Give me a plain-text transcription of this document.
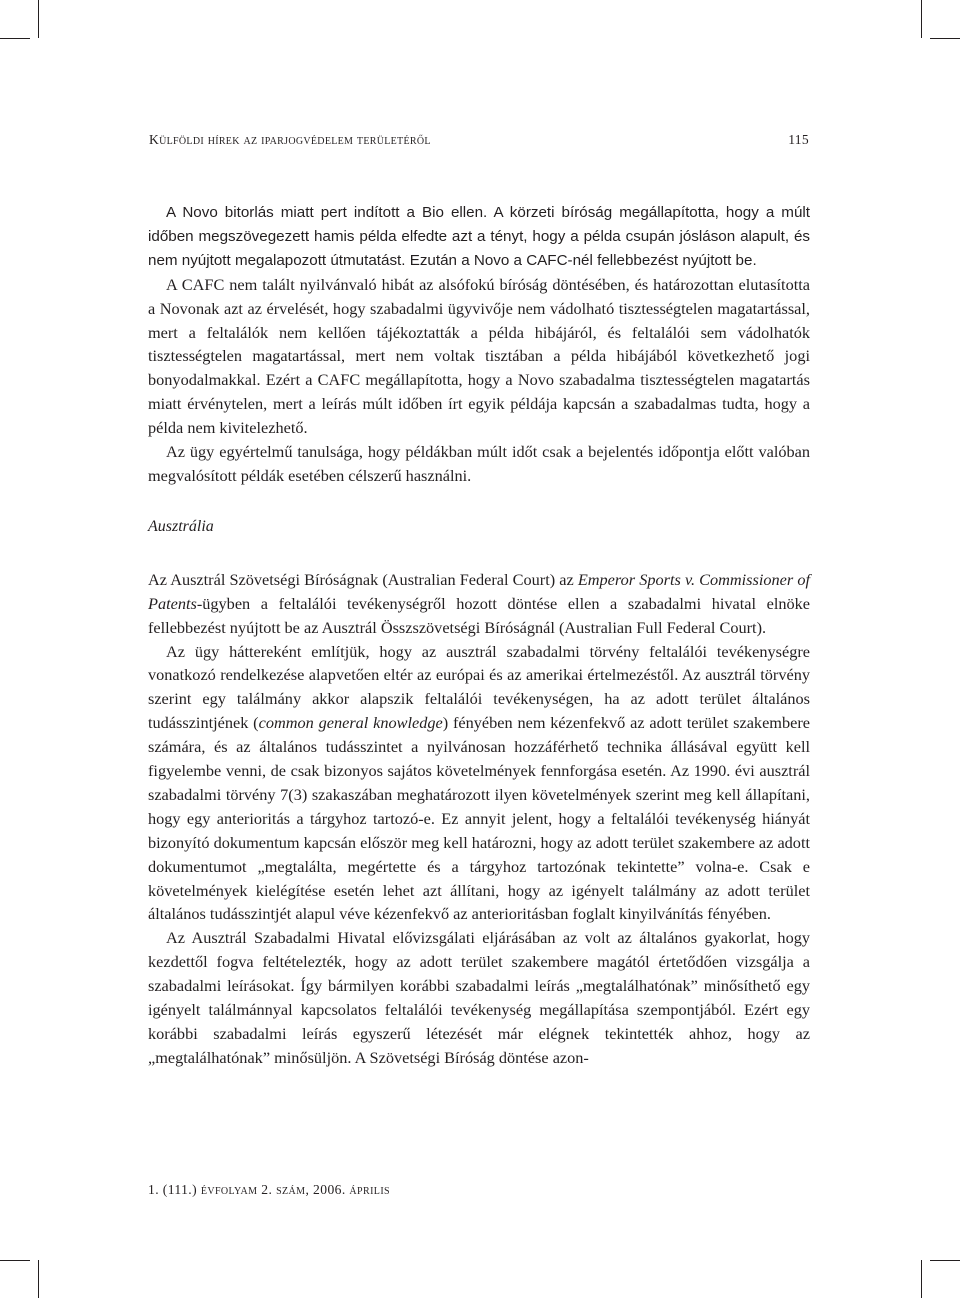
Külföldi hírek az iparjogvédelem területéről	115

A Novo bitorlás miatt pert indított a Bio ellen. A körzeti bíróság megállapította, hogy a múlt időben megszövegezett hamis példa elfedte azt a tényt, hogy a példa csupán jósláson alapult, és nem nyújtott megalapozott útmutatást. Ezután a Novo a CAFC-nél fellebbezést nyújtott be.

A CAFC nem talált nyilvánvaló hibát az alsófokú bíróság döntésében, és határozottan elutasította a Novonak azt az érvelését, hogy szabadalmi ügyvivője nem vádolható tisztességtelen magatartással, mert a feltalálók nem kellően tájékoztatták a példa hibájáról, és feltalálói sem vádolhatók tisztességtelen magatartással, mert nem voltak tisztában a példa hibájából következhető jogi bonyodalmakkal. Ezért a CAFC megállapította, hogy a Novo szabadalma tisztességtelen magatartás miatt érvénytelen, mert a leírás múlt időben írt egyik példája kapcsán a szabadalmas tudta, hogy a példa nem kivitelezhető.

Az ügy egyértelmű tanulsága, hogy példákban múlt időt csak a bejelentés időpontja előtt valóban megvalósított példák esetében célszerű használni.

Ausztrália

Az Ausztrál Szövetségi Bíróságnak (Australian Federal Court) az Emperor Sports v. Commissioner of Patents-ügyben a feltalálói tevékenységről hozott döntése ellen a szabadalmi hivatal elnöke fellebbezést nyújtott be az Ausztrál Összszövetségi Bíróságnál (Australian Full Federal Court).

Az ügy háttereként említjük, hogy az ausztrál szabadalmi törvény feltalálói tevékenységre vonatkozó rendelkezése alapvetően eltér az európai és az amerikai értelmezéstől. Az ausztrál törvény szerint egy találmány akkor alapszik feltalálói tevékenységen, ha az adott terület általános tudásszintjének (common general knowledge) fényében nem kézenfekvő az adott terület szakembere számára, és az általános tudásszintet a nyilvánosan hozzáférhető technika állásával együtt kell figyelembe venni, de csak bizonyos sajátos követelmények fennforgása esetén. Az 1990. évi ausztrál szabadalmi törvény 7(3) szakaszában meghatározott ilyen követelmények szerint meg kell állapítani, hogy egy anterioritás a tárgyhoz tartozó-e. Ez annyit jelent, hogy a feltalálói tevékenység hiányát bizonyító dokumentum kapcsán először meg kell határozni, hogy az adott terület szakembere az adott dokumentumot „megtalálta, megértette és a tárgyhoz tartozónak tekintette” volna-e. Csak e követelmények kielégítése esetén lehet azt állítani, hogy az igényelt találmány az adott terület általános tudásszintjét alapul véve kézenfekvő az anterioritásban foglalt kinyilvánítás fényében.

Az Ausztrál Szabadalmi Hivatal elővizsgálati eljárásában az volt az általános gyakorlat, hogy kezdettől fogva feltételezték, hogy az adott terület szakembere magától értetődően vizsgálja a szabadalmi leírásokat. Így bármilyen korábbi szabadalmi leírás „megtalálhatónak” minősíthető egy igényelt találmánnyal kapcsolatos feltalálói tevékenység megállapítása szempontjából. Ezért egy korábbi szabadalmi leírás egyszerű létezését már elégnek tekintették ahhoz, hogy az „megtalálhatónak” minősüljön. A Szövetségi Bíróság döntése azon-

1. (111.) évfolyam 2. szám, 2006. április
